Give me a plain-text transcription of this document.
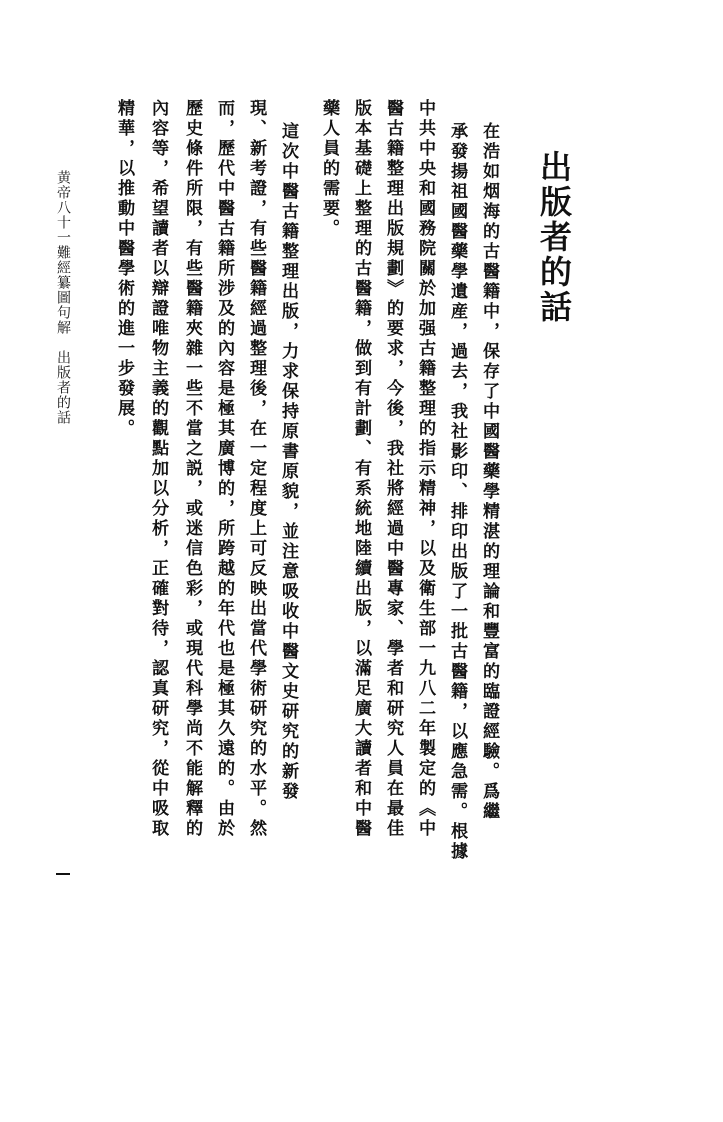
出版者的話

在浩如烟海的古醫籍中，保存了中國醫藥學精湛的理論和豐富的臨證經驗。爲繼

承發揚祖國醫藥學遺産，過去，我社影印、排印出版了一批古醫籍，以應急需。根據

中共中央和國務院關於加强古籍整理的指示精神，以及衛生部一九八二年製定的《中

醫古籍整理出版規劃》的要求，今後，我社將經過中醫專家、學者和研究人員在最佳

版本基礎上整理的古醫籍，做到有計劃、有系統地陸續出版，以滿足廣大讀者和中醫

藥人員的需要。

這次中醫古籍整理出版，力求保持原書原貌，並注意吸收中醫文史研究的新發

現、新考證，有些醫籍經過整理後，在一定程度上可反映出當代學術研究的水平。然

而，歷代中醫古籍所涉及的內容是極其廣博的，所跨越的年代也是極其久遠的。由於

歷史條件所限，有些醫籍夾雜一些不當之説，或迷信色彩，或現代科學尚不能解釋的

內容等，希望讀者以辯證唯物主義的觀點加以分析，正確對待，認真研究，從中吸取

精華，以推動中醫學術的進一步發展。

黄帝八十一難經纂圖句解　出版者的話
